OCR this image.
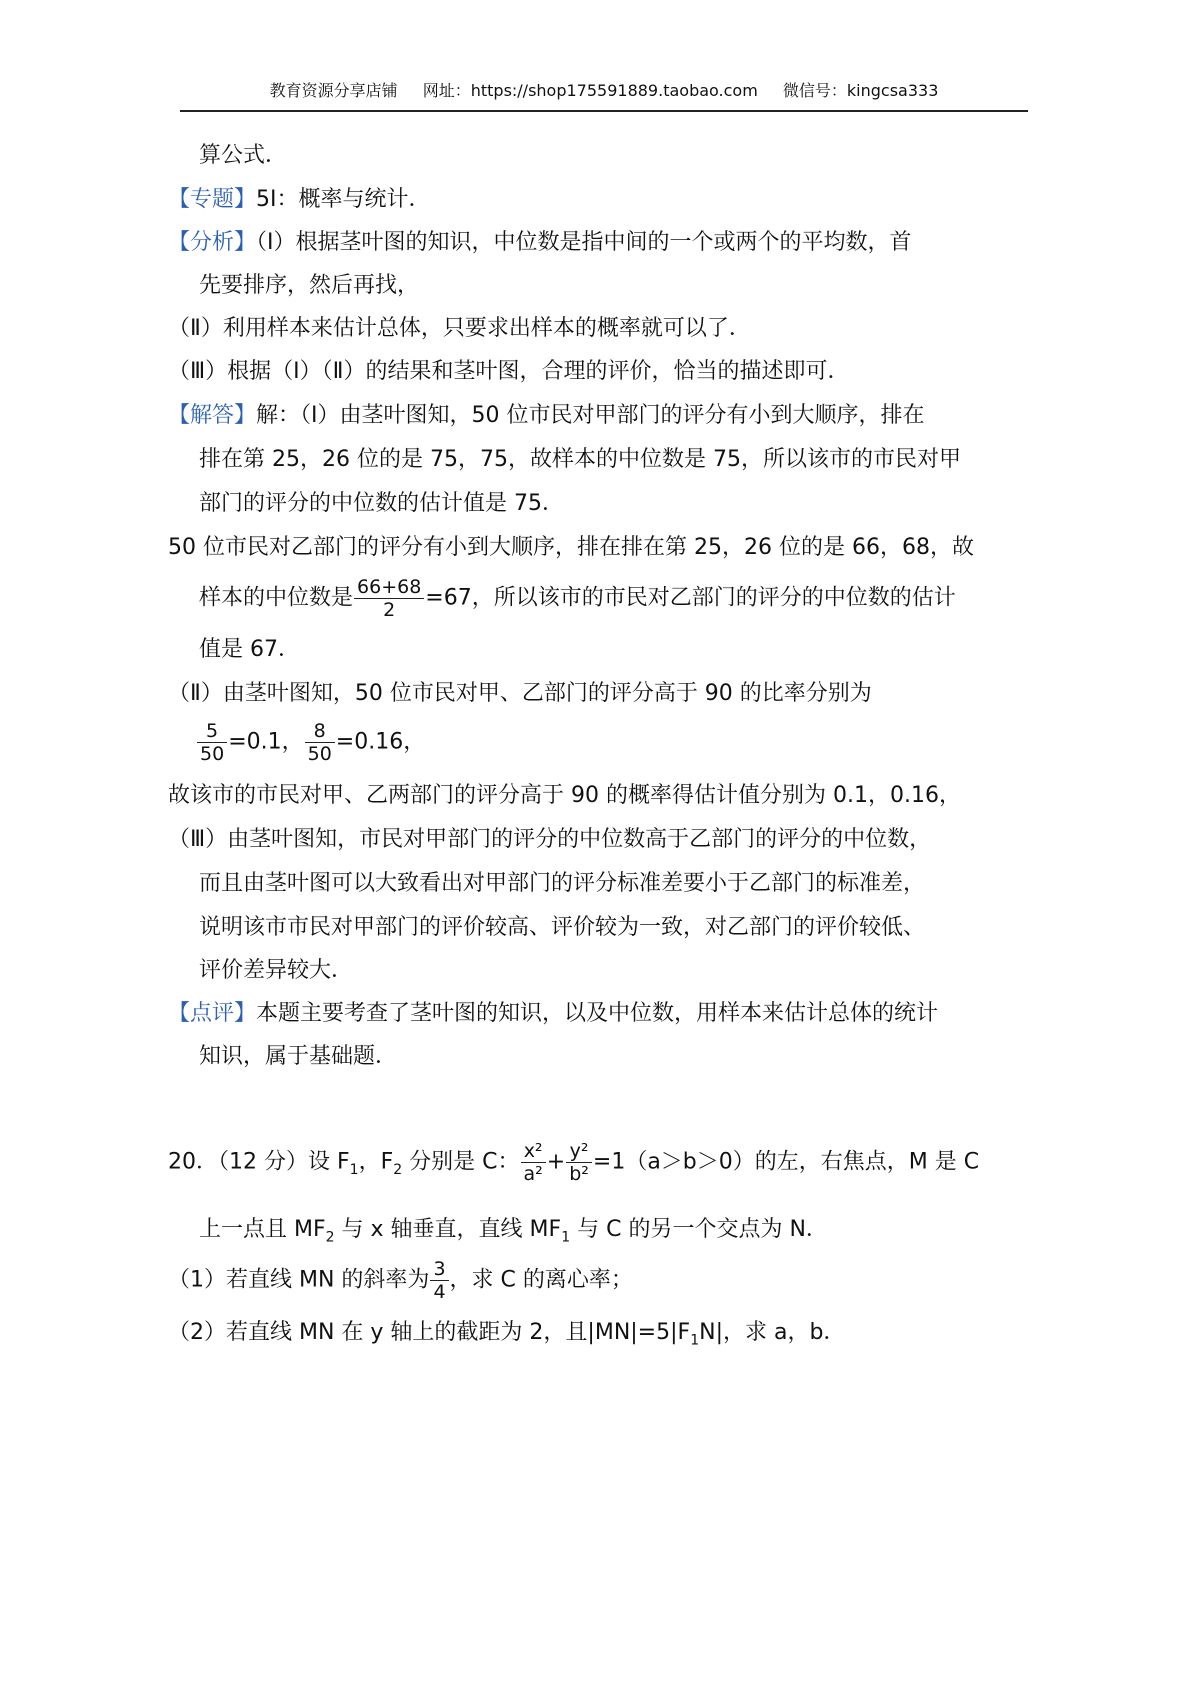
教育资源分享店铺 网址：https://shop175591889.taobao.com 微信号：kingcsa333
算公式．
【专题】5I：概率与统计．
【分析】（Ⅰ）根据茎叶图的知识，中位数是指中间的一个或两个的平均数，首
先要排序，然后再找，
（Ⅱ）利用样本来估计总体，只要求出样本的概率就可以了．
（Ⅲ）根据（Ⅰ）（Ⅱ）的结果和茎叶图，合理的评价，恰当的描述即可．
【解答】解：（Ⅰ）由茎叶图知，50 位市民对甲部门的评分有小到大顺序，排在
排在第 25，26 位的是 75，75，故样本的中位数是 75，所以该市的市民对甲
部门的评分的中位数的估计值是 75．
50 位市民对乙部门的评分有小到大顺序，排在排在第 25，26 位的是 66，68，故
样本的中位数是 $\frac{66+68}{2} =67$，所以该市的市民对乙部门的评分的中位数的估计
值是 67．
（Ⅱ）由茎叶图知，50 位市民对甲、乙部门的评分高于 90 的比率分别为
$\frac{5}{50} =0.1$， $\frac{8}{50} =0.16$，
故该市的市民对甲、乙两部门的评分高于 90 的概率得估计值分别为 0.1，0.16，
（Ⅲ）由茎叶图知，市民对甲部门的评分的中位数高于乙部门的评分的中位数，
而且由茎叶图可以大致看出对甲部门的评分标准差要小于乙部门的标准差，
说明该市市民对甲部门的评价较高、评价较为一致，对乙部门的评价较低、
评价差异较大．
【点评】本题主要考查了茎叶图的知识，以及中位数，用样本来估计总体的统计
知识，属于基础题．
20．（12 分）设 $F_1$，$F_2$ 分别是 C： $\frac{\text{x²}}{\text{a²}} + \frac{\text{y²}}{\text{b²}} =1(a>b>0)$的左，右焦点，M 是 C
上一点且 $MF_2$ 与 x 轴垂直，直线 $MF_1$ 与 C 的另一个交点为 N．
（1）若直线 MN 的斜率为 $\frac{3}{4}$ ，求 C 的离心率；
（2）若直线 MN 在 y 轴上的截距为 2，且$|MN|=5|F_1N|$，求 a，b．
